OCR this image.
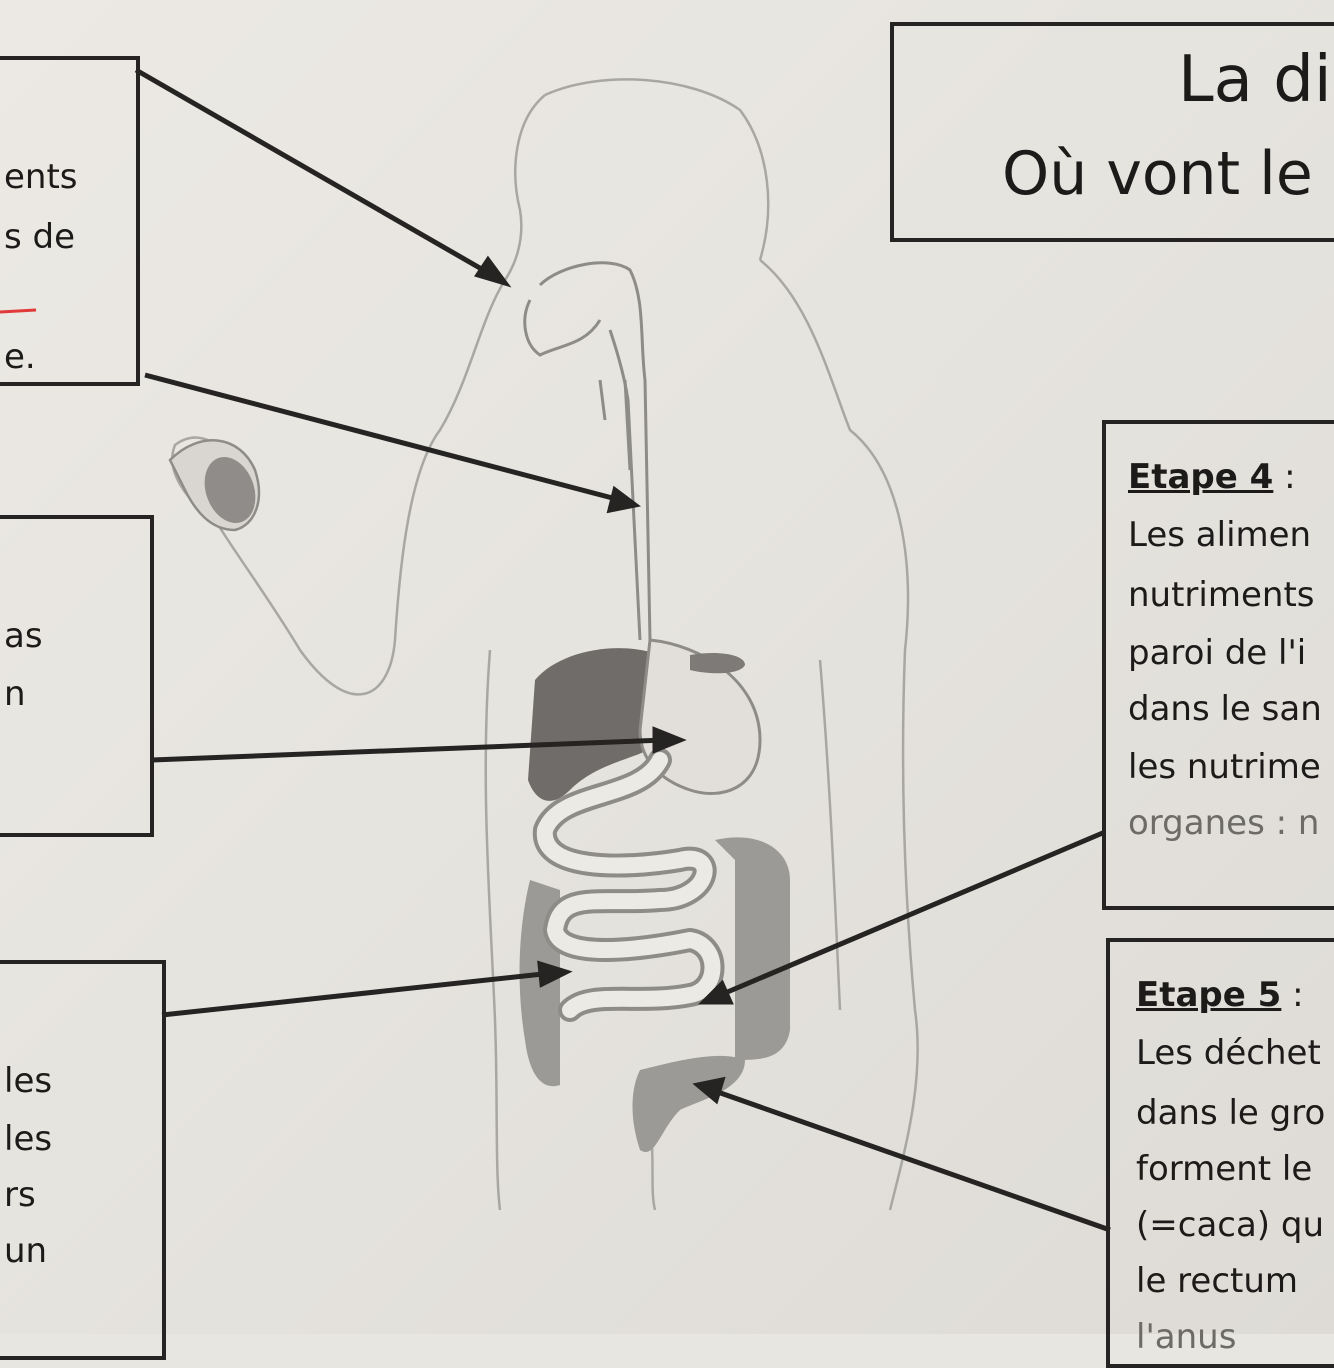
La di
Où vont le
ents
s de
e.
as
n
les
les
rs
un
Etape 4 :
Les alimen
nutriments
paroi de l'i
dans le san
les nutrime
organes : n
Etape 5 :
Les déchet
dans le gro
forment le
(=caca) qu
le rectum
l'anus
